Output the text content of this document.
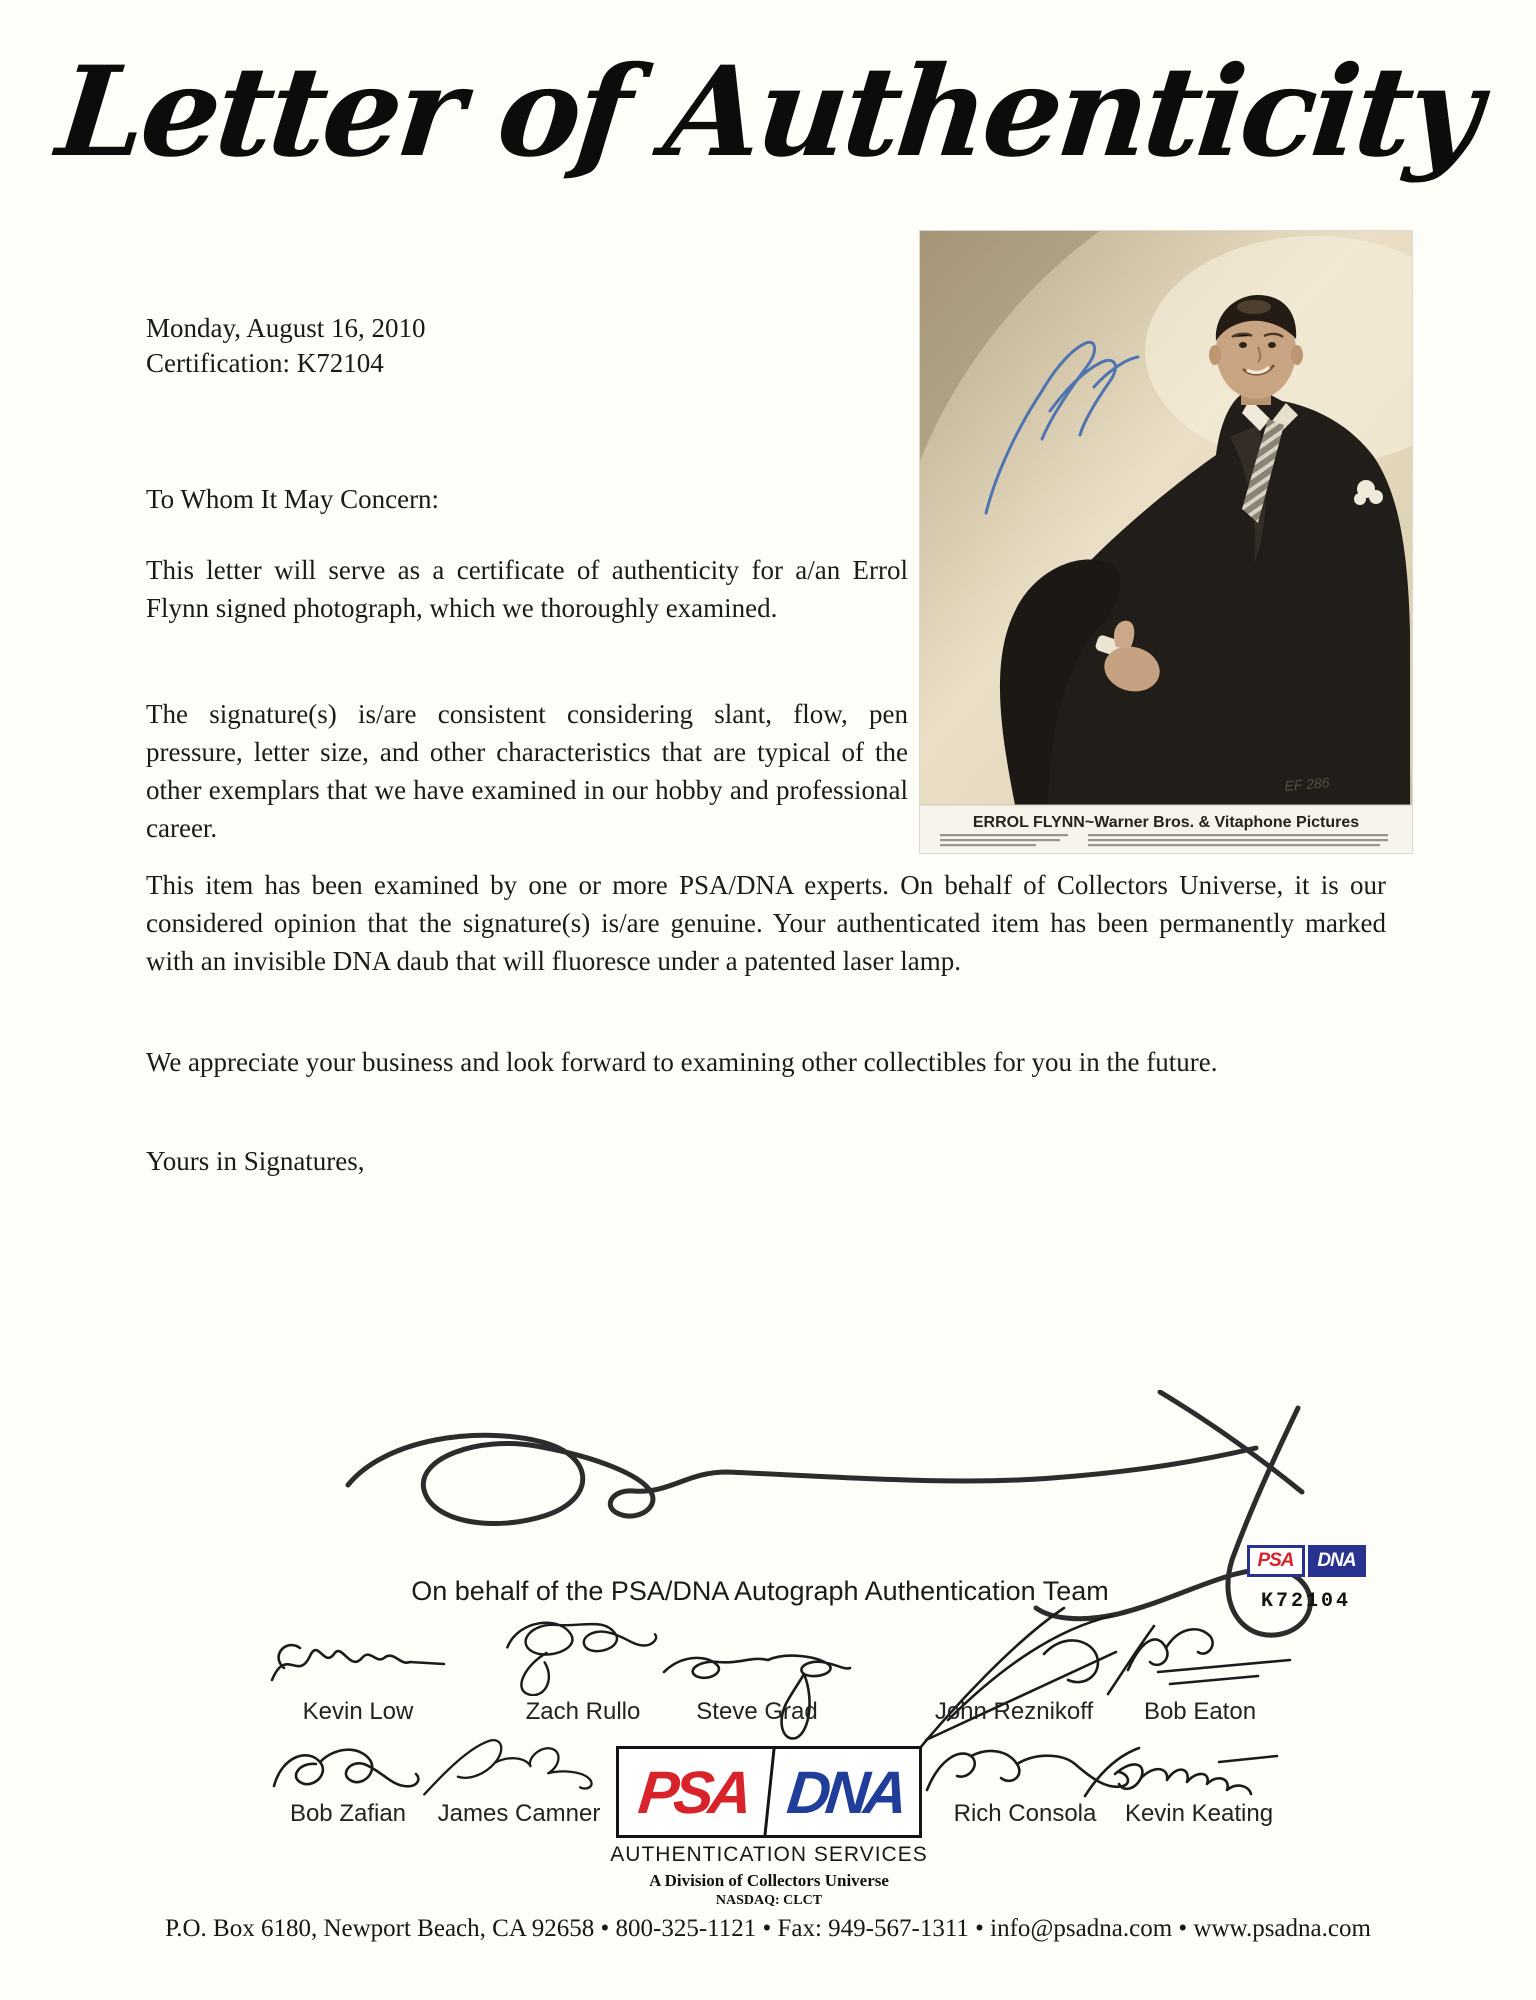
Letter of Authenticity
Monday, August 16, 2010
Certification: K72104
EF 286
ERROL FLYNN~Warner Bros. & Vitaphone Pictures
To Whom It May Concern:
This letter will serve as a certificate of authenticity for a/an Errol Flynn signed photograph, which we thoroughly examined.
The signature(s) is/are consistent considering slant, flow, pen pressure, letter size, and other characteristics that are typical of the other exemplars that we have examined in our hobby and professional career.
This item has been examined by one or more PSA/DNA experts. On behalf of Collectors Universe, it is our considered opinion that the signature(s) is/are genuine. Your authenticated item has been permanently marked with an invisible DNA daub that will fluoresce under a patented laser lamp.
We appreciate your business and look forward to examining other collectibles for you in the future.
Yours in Signatures,
PSA	DNA
K72104
On behalf of the PSA/DNA Autograph Authentication Team
Kevin Low	Zach Rullo Steve Grad	John Reznikoff Bob Eaton
Bob Zafian James Camner	Rich Consola Kevin Keating
PSA DNA
AUTHENTICATION SERVICES
A Division of Collectors Universe
NASDAQ: CLCT
P.O. Box 6180, Newport Beach, CA 92658 • 800-325-1121 • Fax: 949-567-1311 • info@psadna.com • www.psadna.com
